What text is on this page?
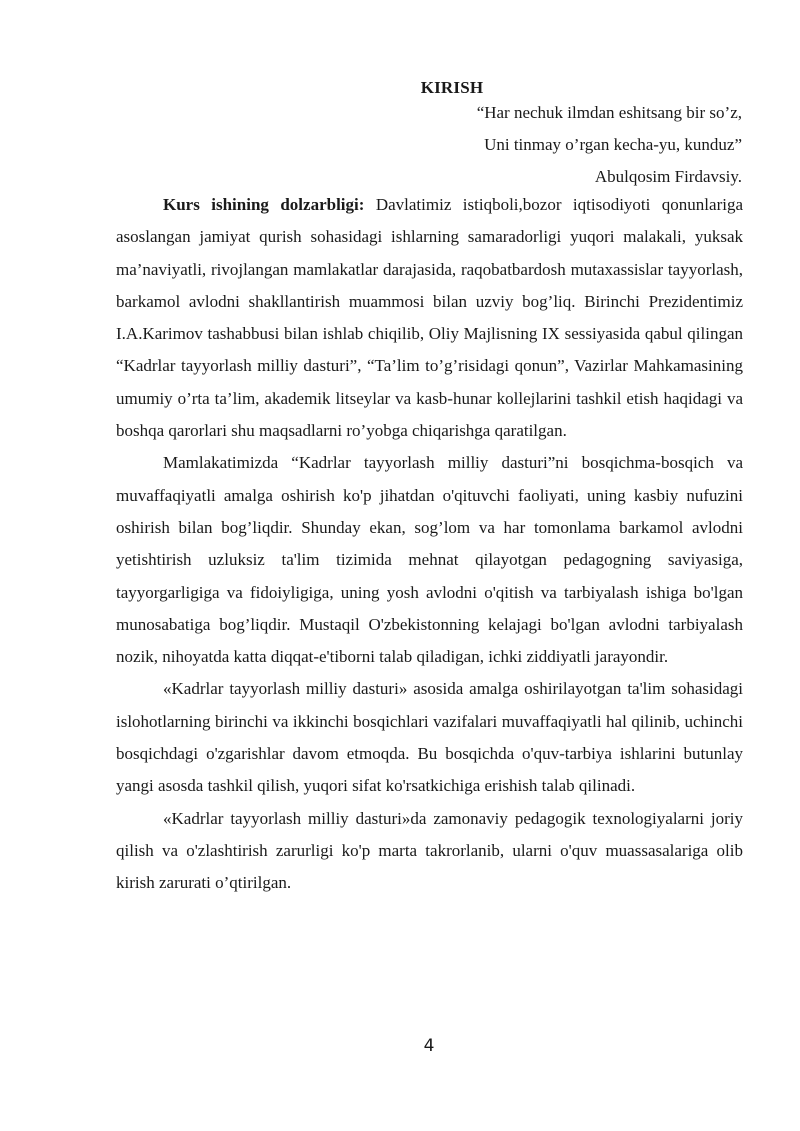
KIRISH
“Har nechuk ilmdan eshitsang bir so’z,
Uni tinmay o’rgan kecha-yu, kunduz”
Abulqosim Firdavsiy.

Kurs ishining dolzarbligi: Davlatimiz istiqboli,bozor iqtisodiyoti qonunlariga asoslangan jamiyat qurish sohasidagi ishlarning samaradorligi yuqori malakali, yuksak ma’naviyatli, rivojlangan mamlakatlar darajasida, raqobatbardosh mutaxassislar tayyorlash, barkamol avlodni shakllantirish muammosi bilan uzviy bog’liq. Birinchi Prezidentimiz I.A.Karimov tashabbusi bilan ishlab chiqilib, Oliy Majlisning IX sessiyasida qabul qilingan “Kadrlar tayyorlash milliy dasturi”, “Ta’lim to’g’risidagi qonun”, Vazirlar Mahkamasining umumiy o’rta ta’lim, akademik litseylar va kasb-hunar kollejlarini tashkil etish haqidagi va boshqa qarorlari shu maqsadlarni ro’yobga chiqarishga qaratilgan.

Mamlakatimizda “Kadrlar tayyorlash milliy dasturi”ni bosqichma-bosqich va muvaffaqiyatli amalga oshirish ko'p jihatdan o'qituvchi faoliyati, uning kasbiy nufuzini oshirish bilan bog’liqdir. Shunday ekan, sog’lom va har tomonlama barkamol avlodni yetishtirish uzluksiz ta'lim tizimida mehnat qilayotgan pedagogning saviyasiga, tayyorgarligiga va fidoiyligiga, uning yosh avlodni o'qitish va tarbiyalash ishiga bo'lgan munosabatiga bog’liqdir. Mustaqil O'zbekistonning kelajagi bo'lgan avlodni tarbiyalash nozik, nihoyatda katta diqqat-e'tiborni talab qiladigan, ichki ziddiyatli jarayondir.

«Kadrlar tayyorlash milliy dasturi» asosida amalga oshirilayotgan ta'lim sohasidagi islohotlarning birinchi va ikkinchi bosqichlari vazifalari muvaffaqiyatli hal qilinib, uchinchi bosqichdagi o'zgarishlar davom etmoqda. Bu bosqichda o'quv-tarbiya ishlarini butunlay yangi asosda tashkil qilish, yuqori sifat ko'rsatkichiga erishish talab qilinadi.

«Kadrlar tayyorlash milliy dasturi»da zamonaviy pedagogik texnologiyalarni joriy qilish va o'zlashtirish zarurligi ko'p marta takrorlanib, ularni o'quv muassasalariga olib kirish zarurati o’qtirilgan.

4
